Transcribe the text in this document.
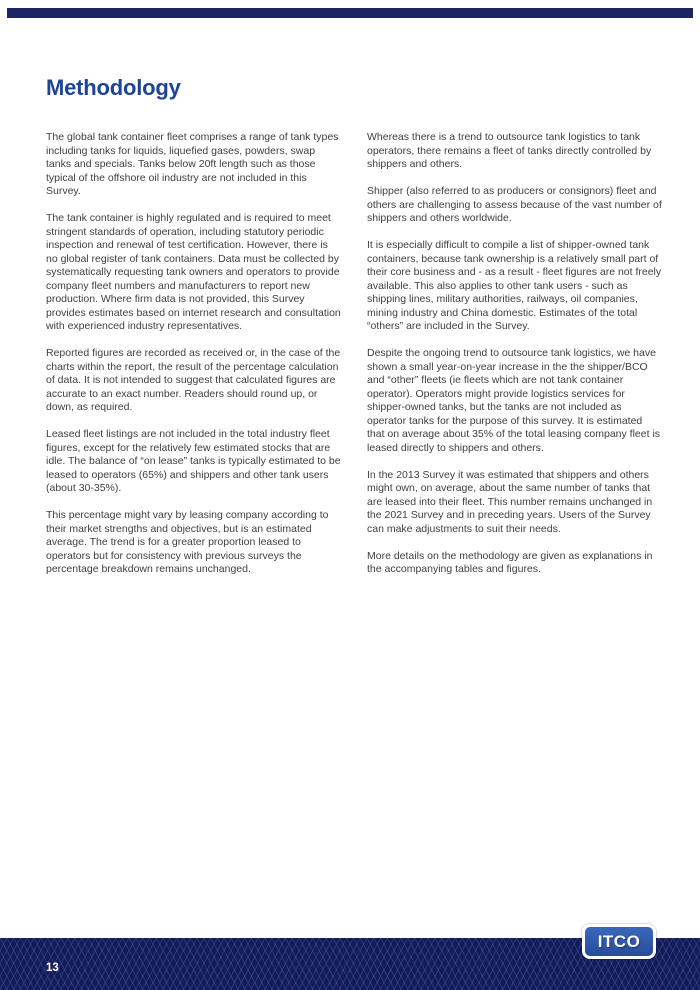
Methodology

The global tank container fleet comprises a range of tank types including tanks for liquids, liquefied gases, powders, swap tanks and specials. Tanks below 20ft length such as those typical of the offshore oil industry are not included in this Survey.

The tank container is highly regulated and is required to meet stringent standards of operation, including statutory periodic inspection and renewal of test certification. However, there is no global register of tank containers. Data must be collected by systematically requesting tank owners and operators to provide company fleet numbers and manufacturers to report new production. Where firm data is not provided, this Survey provides estimates based on internet research and consultation with experienced industry representatives.

Reported figures are recorded as received or, in the case of the charts within the report, the result of the percentage calculation of data. It is not intended to suggest that calculated figures are accurate to an exact number. Readers should round up, or down, as required.

Leased fleet listings are not included in the total industry fleet figures, except for the relatively few estimated stocks that are idle. The balance of “on lease” tanks is typically estimated to be leased to operators (65%) and shippers and other tank users (about 30-35%).

This percentage might vary by leasing company according to their market strengths and objectives, but is an estimated average. The trend is for a greater proportion leased to operators but for consistency with previous surveys the percentage breakdown remains unchanged.

Whereas there is a trend to outsource tank logistics to tank operators, there remains a fleet of tanks directly controlled by shippers and others.

Shipper (also referred to as producers or consignors) fleet and others are challenging to assess because of the vast number of shippers and others worldwide.

It is especially difficult to compile a list of shipper-owned tank containers, because tank ownership is a relatively small part of their core business and - as a result - fleet figures are not freely available. This also applies to other tank users - such as shipping lines, military authorities, railways, oil companies, mining industry and China domestic. Estimates of the total “others” are included in the Survey.

Despite the ongoing trend to outsource tank logistics, we have shown a small year-on-year increase in the the shipper/BCO and “other” fleets (ie fleets which are not tank container operator). Operators might provide logistics services for shipper-owned tanks, but the tanks are not included as operator tanks for the purpose of this survey. It is estimated that on average about 35% of the total leasing company fleet is leased directly to shippers and others.

In the 2013 Survey it was estimated that shippers and others might own, on average, about the same number of tanks that are leased into their fleet. This number remains unchanged in the 2021 Survey and in preceding years. Users of the Survey can make adjustments to suit their needs.

More details on the methodology are given as explanations in the accompanying tables and figures.

13
ITCO
